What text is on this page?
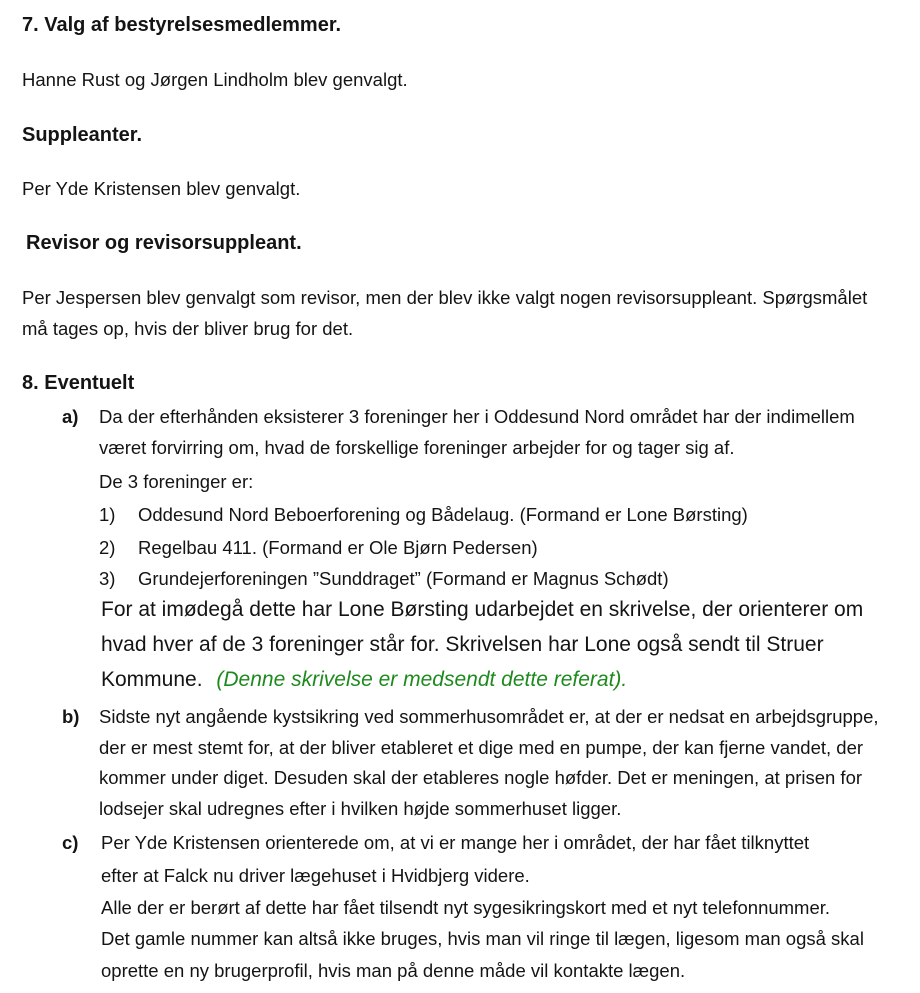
7. Valg af bestyrelsesmedlemmer.
Hanne Rust og Jørgen Lindholm blev genvalgt.
Suppleanter.
Per Yde Kristensen blev genvalgt.
Revisor og revisorsuppleant.
Per Jespersen blev genvalgt som revisor, men der blev ikke valgt nogen revisorsuppleant. Spørgsmålet
må tages op, hvis der bliver brug for det.
8. Eventuelt
a) Da der efterhånden eksisterer 3 foreninger her i Oddesund Nord området har der indimellem
været forvirring om, hvad de forskellige foreninger arbejder for og tager sig af.
De 3 foreninger er:
1) Oddesund Nord Beboerforening og Bådelaug. (Formand er Lone Børsting)
2) Regelbau 411. (Formand er Ole Bjørn Pedersen)
3) Grundejerforeningen ”Sunddraget” (Formand er Magnus Schødt)
For at imødegå dette har Lone Børsting udarbejdet en skrivelse, der orienterer om
hvad hver af de 3 foreninger står for. Skrivelsen har Lone også sendt til Struer
Kommune. (Denne skrivelse er medsendt dette referat).
b) Sidste nyt angående kystsikring ved sommerhusområdet er, at der er nedsat en arbejdsgruppe,
der er mest stemt for, at der bliver etableret et dige med en pumpe, der kan fjerne vandet, der
kommer under diget. Desuden skal der etableres nogle høfder. Det er meningen, at prisen for
lodsejer skal udregnes efter i hvilken højde sommerhuset ligger.
c) Per Yde Kristensen orienterede om, at vi er mange her i området, der har fået tilknyttet
efter at Falck nu driver lægehuset i Hvidbjerg videre.
Alle der er berørt af dette har fået tilsendt nyt sygesikringskort med et nyt telefonnummer.
Det gamle nummer kan altså ikke bruges, hvis man vil ringe til lægen, ligesom man også skal
oprette en ny brugerprofil, hvis man på denne måde vil kontakte lægen.
